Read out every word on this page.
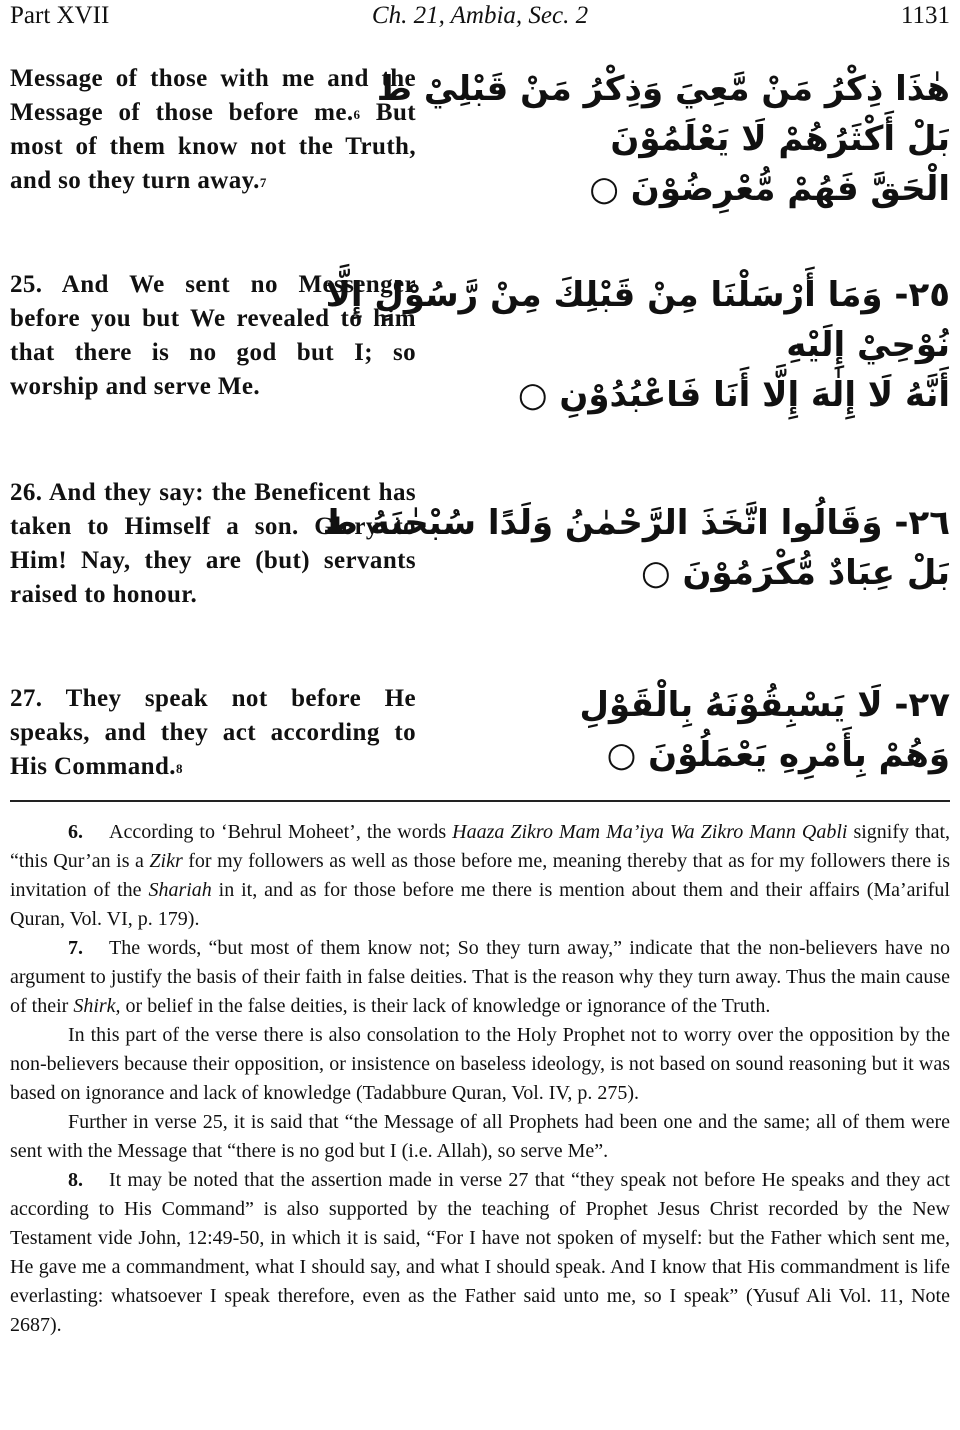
Part XVII	Ch. 21, Ambia, Sec. 2	1131
Message of those with me and the Message of those before me.$^6$ But most of them know not the Truth, and so they turn away.$^7$
هٰذَا ذِكْرُ مَنْ مَّعِيَ وَذِكْرُ مَنْ قَبْلِيْ ط
بَلْ أَكْثَرُهُمْ لَا يَعْلَمُوْنَ
الْحَقَّ فَهُمْ مُّعْرِضُوْنَ ○
25. And We sent no Messenger before you but We revealed to him that there is no god but I; so worship and serve Me.
٢٥- وَمَا أَرْسَلْنَا مِنْ قَبْلِكَ مِنْ رَّسُوْلٍ إِلَّا
نُوْحِيْ إِلَيْهِ
أَنَّهُ لَا إِلٰهَ إِلَّا أَنَا فَاعْبُدُوْنِ ○
26. And they say: the Beneficent has taken to Himself a son. Glory to Him! Nay, they are (but) servants raised to honour.
٢٦- وَقَالُوا اتَّخَذَ الرَّحْمٰنُ وَلَدًا سُبْحٰنَهُ ط
بَلْ عِبَادٌ مُّكْرَمُوْنَ ○
27. They speak not before He speaks, and they act according to His Command.$^8$
٢٧- لَا يَسْبِقُوْنَهُ بِالْقَوْلِ
وَهُمْ بِأَمْرِهِ يَعْمَلُوْنَ ○

6. According to ‘Behrul Moheet’, the words Haaza Zikro Mam Ma’iya Wa Zikro Mann Qabli signify that, “this Qur’an is a Zikr for my followers as well as those before me, meaning thereby that as for my followers there is invitation of the Shariah in it, and as for those before me there is mention about them and their affairs (Ma’ariful Quran, Vol. VI, p. 179).

7. The words, “but most of them know not; So they turn away,” indicate that the non-believers have no argument to justify the basis of their faith in false deities. That is the reason why they turn away. Thus the main cause of their Shirk, or belief in the false deities, is their lack of knowledge or ignorance of the Truth.

In this part of the verse there is also consolation to the Holy Prophet not to worry over the opposition by the non-believers because their opposition, or insistence on baseless ideology, is not based on sound reasoning but it was based on ignorance and lack of knowledge (Tadabbure Quran, Vol. IV, p. 275).

Further in verse 25, it is said that “the Message of all Prophets had been one and the same; all of them were sent with the Message that “there is no god but I (i.e. Allah), so serve Me”.

8. It may be noted that the assertion made in verse 27 that “they speak not before He speaks and they act according to His Command” is also supported by the teaching of Prophet Jesus Christ recorded by the New Testament vide John, 12:49-50, in which it is said, “For I have not spoken of myself: but the Father which sent me, He gave me a commandment, what I should say, and what I should speak. And I know that His commandment is life everlasting: whatsoever I speak therefore, even as the Father said unto me, so I speak” (Yusuf Ali Vol. 11, Note 2687).
